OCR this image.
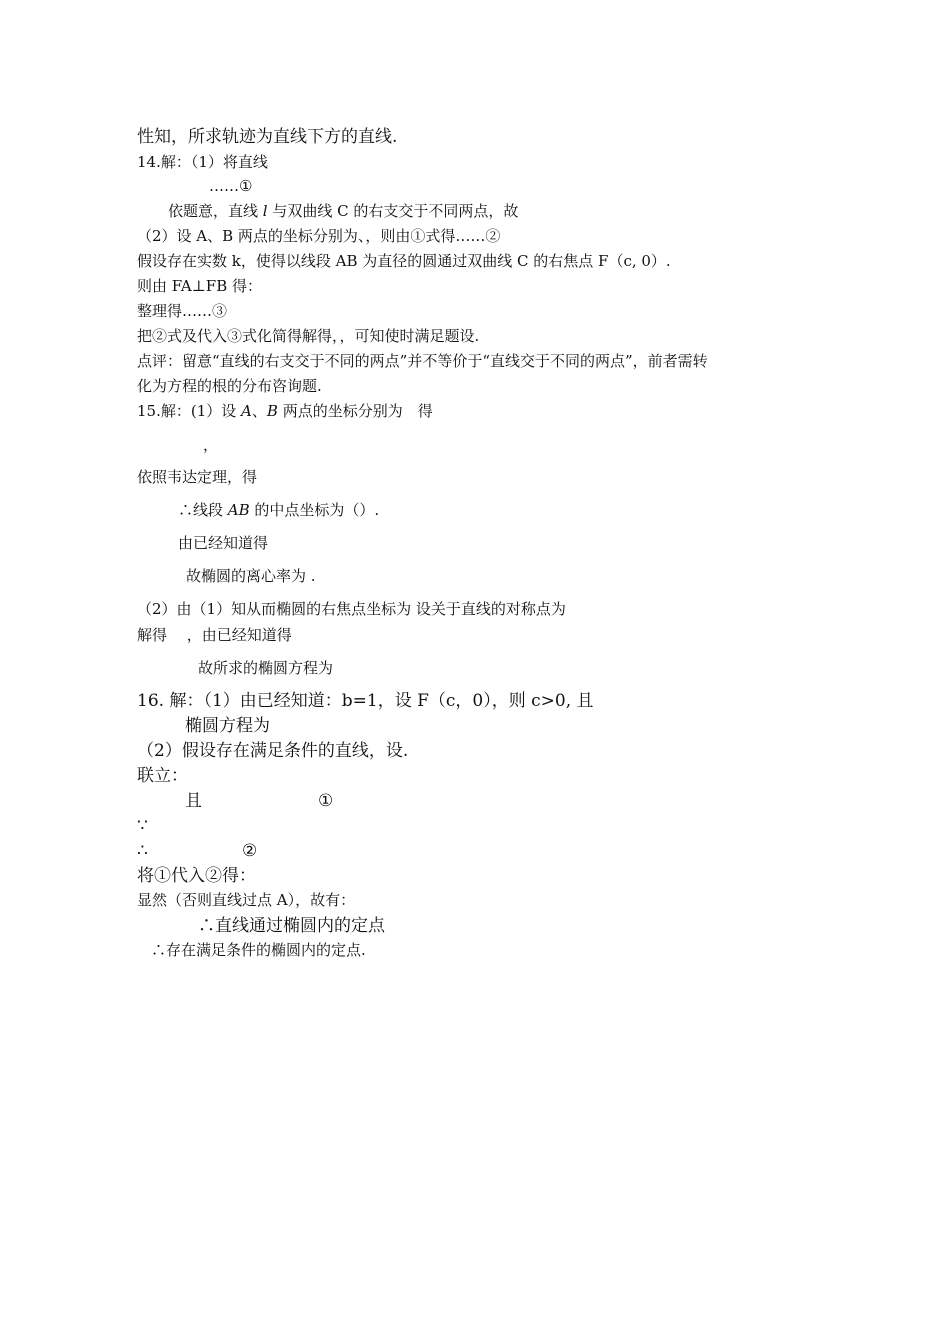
性知，所求轨迹为直线下方的直线.
14.解：（1）将直线
……①
依题意，直线 l 与双曲线 C 的右支交于不同两点，故
（2）设 A、B 两点的坐标分别为、，则由①式得……②
假设存在实数 k，使得以线段 AB 为直径的圆通过双曲线 C 的右焦点 F（c, 0）.
则由 FA⊥FB 得：
整理得……③
把②式及代入③式化简得解得，，可知使时满足题设.
点评：留意“直线的右支交于不同的两点”并不等价于“直线交于不同的两点”，前者需转
化为方程的根的分布咨询题.
15.解：(1）设 A、B 两点的坐标分别为　得
，
依照韦达定理，得
∴线段 AB 的中点坐标为（）.
由已经知道得
故椭圆的离心率为 .
（2）由（1）知从而椭圆的右焦点坐标为 设关于直线的对称点为
解得 　，由已经知道得
故所求的椭圆方程为
16. 解：（1）由已经知道：b=1，设 F（c，0），则 c>0, 且
椭圆方程为
（2）假设存在满足条件的直线，设.
联立：
且	①
∵
∴	②
将①代入②得：
显然（否则直线过点 A），故有：
∴直线通过椭圆内的定点
∴存在满足条件的椭圆内的定点.
